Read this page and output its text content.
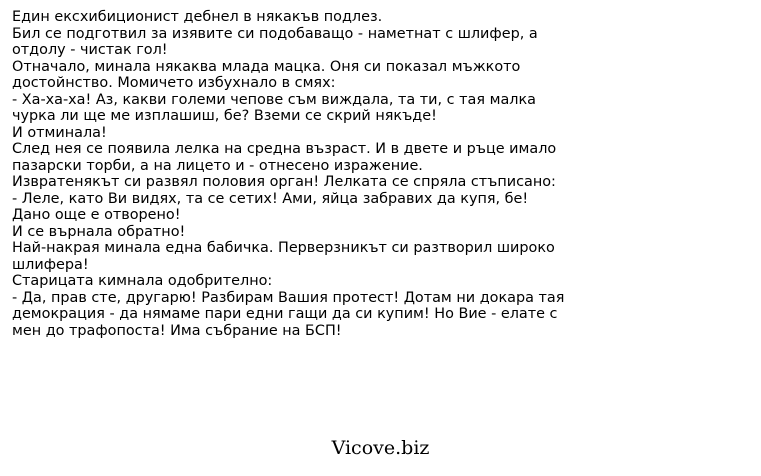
Един ексхибиционист дебнел в някакъв подлез.
Бил се подготвил за изявите си подобаващо - наметнат с шлифер, а
отдолу - чистак гол!
Отначало, минала някаква млада мацка. Оня си показал мъжкото
достойнство. Момичето избухнало в смях:
- Ха-ха-ха! Аз, какви големи чепове съм виждала, та ти, с тая малка
чурка ли ще ме изплашиш, бе? Вземи се скрий някъде!
И отминала!
След нея се появила лелка на средна възраст. И в двете и ръце имало
пазарски торби, а на лицето и - отнесено изражение.
Извратенякът си развял половия орган! Лелката се спряла стъписано:
- Леле, като Ви видях, та се сетих! Ами, яйца забравих да купя, бе!
Дано още е отворено!
И се върнала обратно!
Най-накрая минала една бабичка. Перверзникът си разтворил широко
шлифера!
Старицата кимнала одобрително:
- Да, прав сте, другарю! Разбирам Вашия протест! Дотам ни докара тая
демокрация - да нямаме пари едни гащи да си купим! Но Вие - елате с
мен до трафопоста! Има събрание на БСП!
Vicove.biz
